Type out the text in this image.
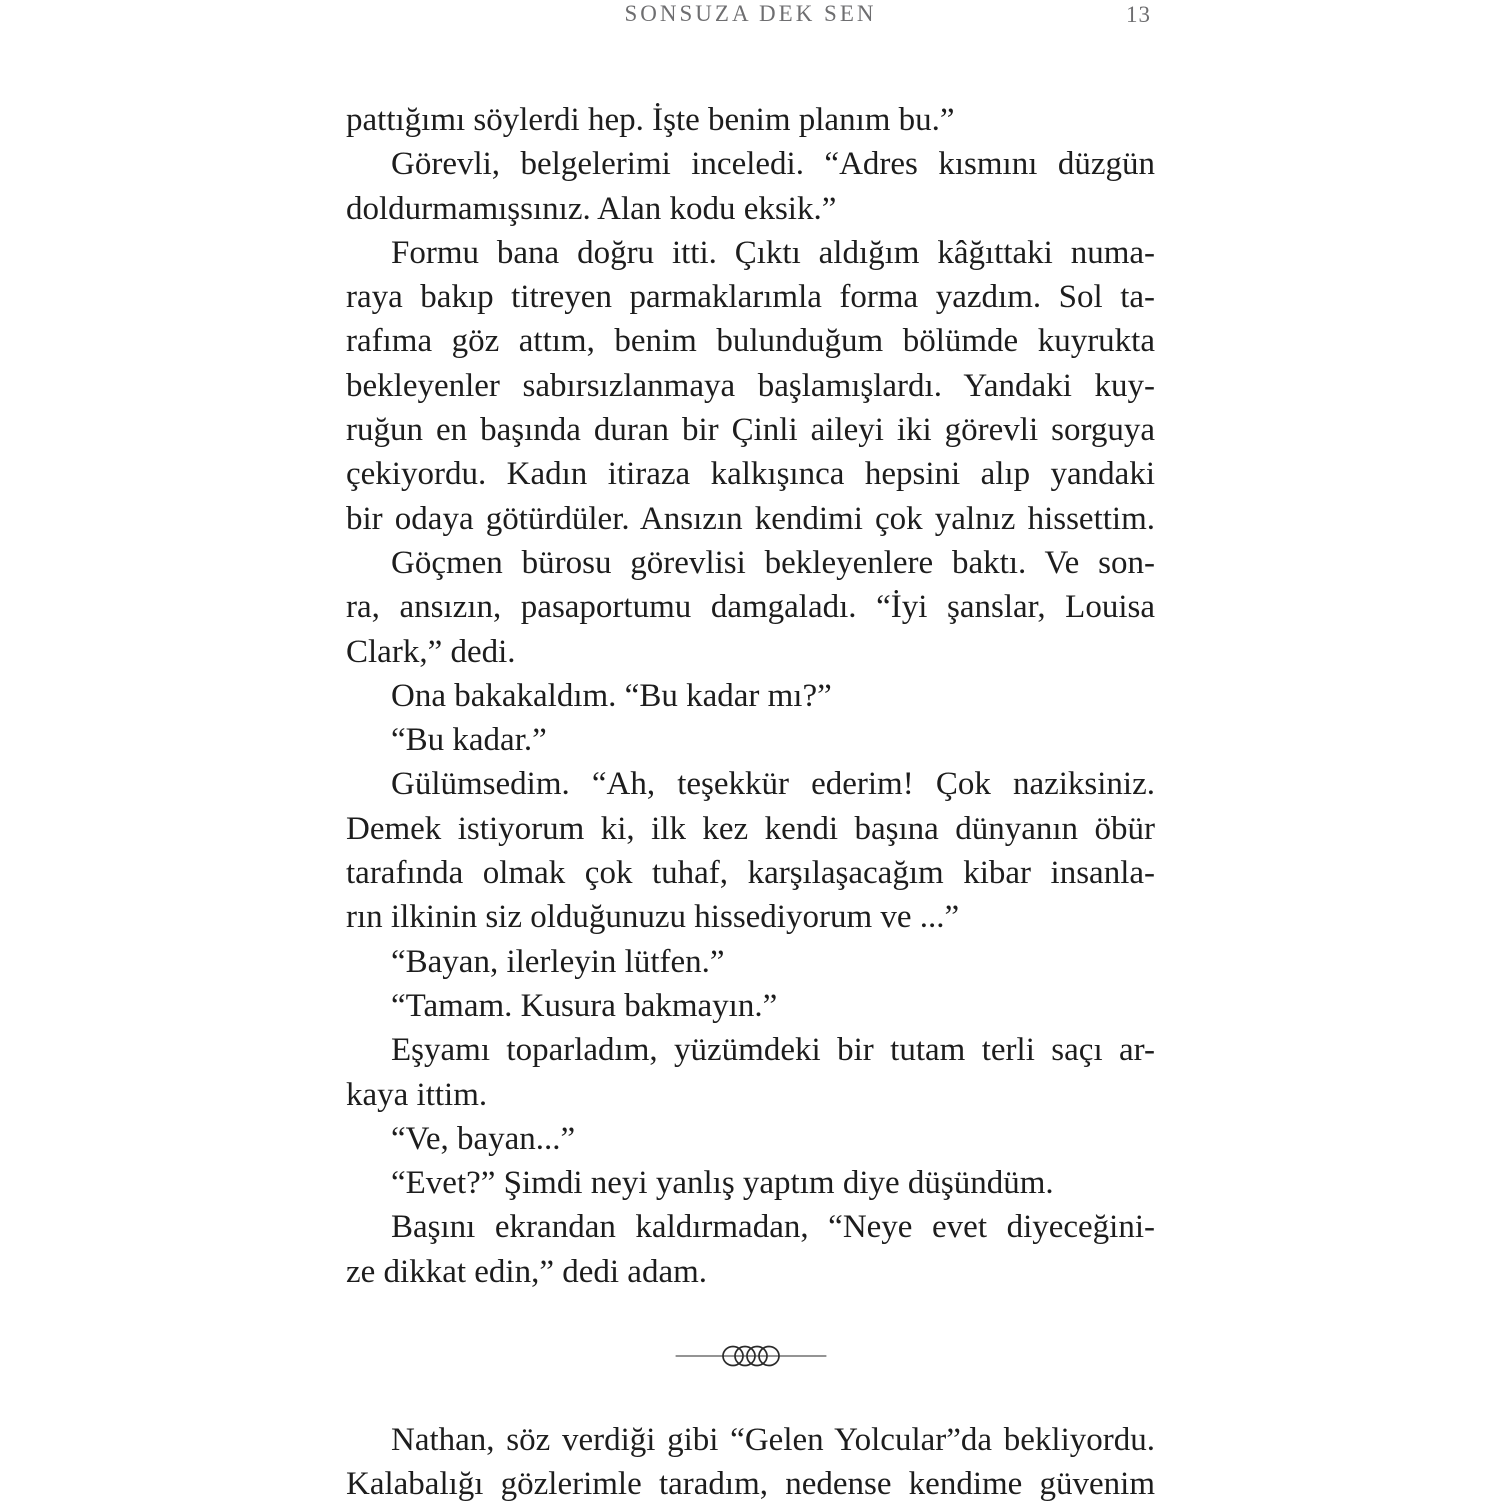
SONSUZA DEK SEN	13
pattığımı söylerdi hep. İşte benim planım bu.”
Görevli, belgelerimi inceledi. “Adres kısmını düzgün
doldurmamışsınız. Alan kodu eksik.”
Formu bana doğru itti. Çıktı aldığım kâğıttaki numa-
raya bakıp titreyen parmaklarımla forma yazdım. Sol ta-
rafıma göz attım, benim bulunduğum bölümde kuyrukta
bekleyenler sabırsızlanmaya başlamışlardı. Yandaki kuy-
ruğun en başında duran bir Çinli aileyi iki görevli sorguya
çekiyordu. Kadın itiraza kalkışınca hepsini alıp yandaki
bir odaya götürdüler. Ansızın kendimi çok yalnız hissettim.
Göçmen bürosu görevlisi bekleyenlere baktı. Ve son-
ra, ansızın, pasaportumu damgaladı. “İyi şanslar, Louisa
Clark,” dedi.
Ona bakakaldım. “Bu kadar mı?”
“Bu kadar.”
Gülümsedim. “Ah, teşekkür ederim! Çok naziksiniz.
Demek istiyorum ki, ilk kez kendi başına dünyanın öbür
tarafında olmak çok tuhaf, karşılaşacağım kibar insanla-
rın ilkinin siz olduğunuzu hissediyorum ve ...”
“Bayan, ilerleyin lütfen.”
“Tamam. Kusura bakmayın.”
Eşyamı toparladım, yüzümdeki bir tutam terli saçı ar-
kaya ittim.
“Ve, bayan...”
“Evet?” Şimdi neyi yanlış yaptım diye düşündüm.
Başını ekrandan kaldırmadan, “Neye evet diyeceğini-
ze dikkat edin,” dedi adam.
Nathan, söz verdiği gibi “Gelen Yolcular”da bekliyordu.
Kalabalığı gözlerimle taradım, nedense kendime güvenim
